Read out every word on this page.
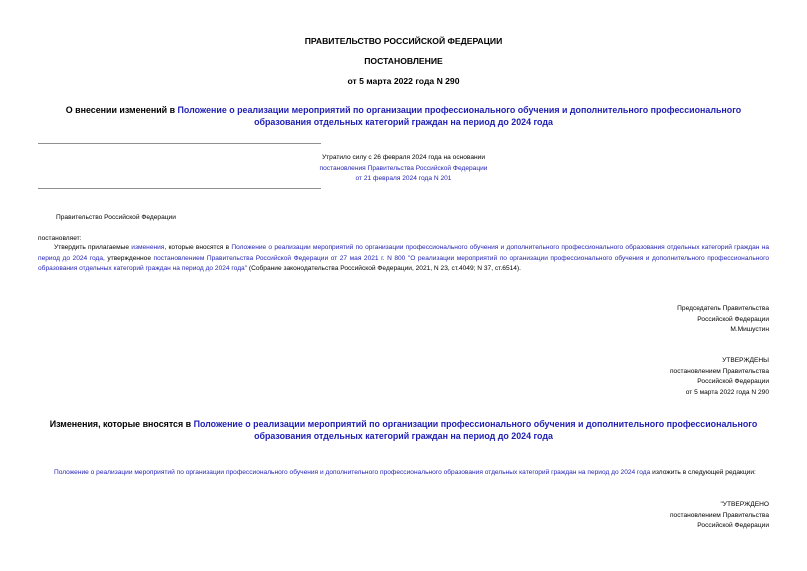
ПРАВИТЕЛЬСТВО РОССИЙСКОЙ ФЕДЕРАЦИИ
ПОСТАНОВЛЕНИЕ
от 5 марта 2022 года N 290
О внесении изменений в Положение о реализации мероприятий по организации профессионального обучения и дополнительного профессионального образования отдельных категорий граждан на период до 2024 года
Утратило силу с 26 февраля 2024 года на основании
постановления Правительства Российской Федерации
от 21 февраля 2024 года N 201
Правительство Российской Федерации
постановляет:
Утвердить прилагаемые изменения, которые вносятся в Положение о реализации мероприятий по организации профессионального обучения и дополнительного профессионального образования отдельных категорий граждан на период до 2024 года, утвержденное постановлением Правительства Российской Федерации от 27 мая 2021 г. N 800 "О реализации мероприятий по организации профессионального обучения и дополнительного профессионального образования отдельных категорий граждан на период до 2024 года" (Собрание законодательства Российской Федерации, 2021, N 23, ст.4049; N 37, ст.6514).
Председатель Правительства
Российской Федерации
М.Мишустин
УТВЕРЖДЕНЫ
постановлением Правительства
Российской Федерации
от 5 марта 2022 года N 290
Изменения, которые вносятся в Положение о реализации мероприятий по организации профессионального обучения и дополнительного профессионального образования отдельных категорий граждан на период до 2024 года
Положение о реализации мероприятий по организации профессионального обучения и дополнительного профессионального образования отдельных категорий граждан на период до 2024 года изложить в следующей редакции:
"УТВЕРЖДЕНО
постановлением Правительства
Российской Федерации
